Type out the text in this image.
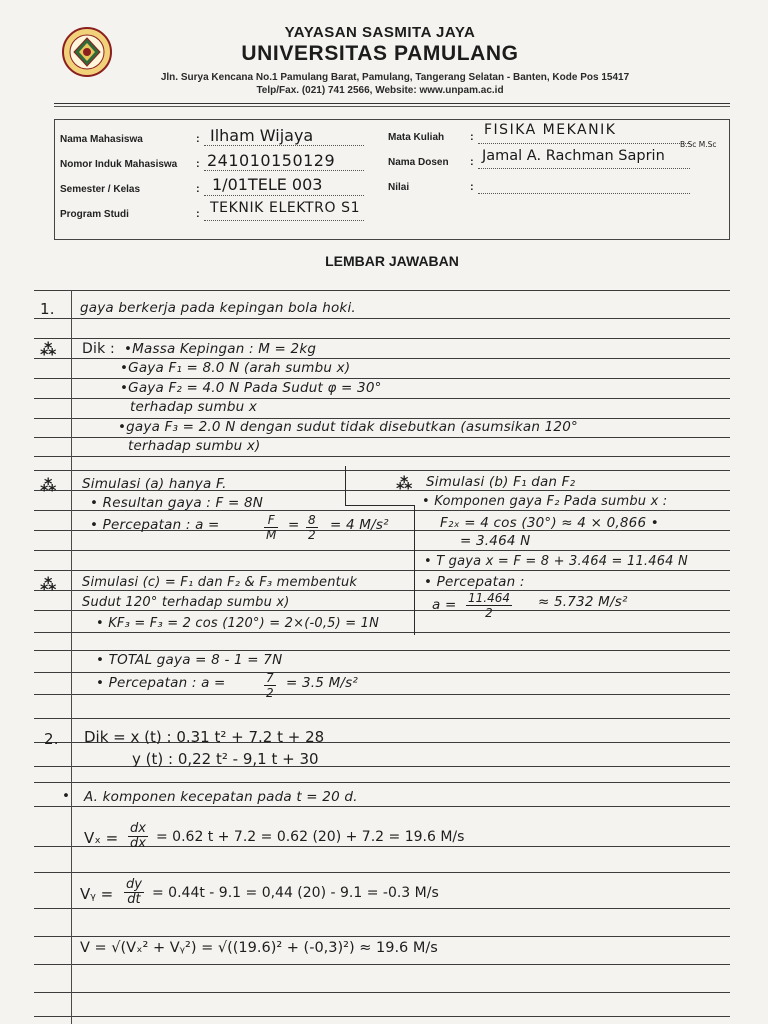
YAYASAN SASMITA JAYA
UNIVERSITAS PAMULANG
Jln. Surya Kencana No.1 Pamulang Barat, Pamulang, Tangerang Selatan - Banten, Kode Pos 15417
Telp/Fax. (021) 741 2566, Website: www.unpam.ac.id
Nama Mahasiswa	: Ilham Wijaya
Nomor Induk Mahasiswa : 241010150129
Semester / Kelas	: 1/01TELE 003
Program Studi	: TEKNIK ELEKTRO S1
Mata Kuliah : FISIKA MEKANIK
Nama Dosen : Jamal A. Rachman Saprin
B.Sc M.Sc
Nilai	:
LEMBAR JAWABAN
1. gaya berkerja pada kepingan bola hoki.
⁂ Dik : •Massa Kepingan : M = 2kg
•Gaya F₁ = 8.0 N (arah sumbu x)
•Gaya F₂ = 4.0 N Pada Sudut φ = 30°
terhadap sumbu x
•gaya F₃ = 2.0 N dengan sudut tidak disebutkan (asumsikan 120°
terhadap sumbu x)
⁂ Simulasi (a) hanya F.
• Resultan gaya : F = 8N
• Percepatan : a =	$\frac{F}{M} = \frac{8}{2} = 4$ M/s²
⁂ Simulasi (b) F₁ dan F₂
• Komponen gaya F₂ Pada sumbu x :
F₂ₓ = 4 cos (30°) ≈ 4 × 0,866 •
= 3.464 N
• T gaya x = F = 8 + 3.464 = 11.464 N
• Percepatan :
$a = \frac{11.464}{2} \approx 5.732$ M/s²
⁂ Simulasi (c) = F₁ dan F₂ & F₃ membentuk
Sudut 120° terhadap sumbu x)
• KF₃ = F₃ = 2 cos (120°) = 2×(-0,5) = 1N
• TOTAL gaya = 8 - 1 = 7N
• Percepatan : a =	$\frac{7}{2} = 3.5$ M/s²
2. Dik = x (t) : 0.31 t² + 7.2 t + 28
y (t) : 0,22 t² - 9,1 t + 30
• A. komponen kecepatan pada t = 20 d.
$V_x = \frac{dx}{dx} = 0.62$ t + 7.2 = 0.62 (20) + 7.2 = 19.6 M/s
Vᵧ = $\frac{dy}{dt} = 0.44t - 9.1 = 0,44$ (20) - 9.1 = -0.3 M/s
V = √(Vₓ² + Vᵧ²) = √((19.6)² + (-0,3)²) ≈ 19.6 M/s
